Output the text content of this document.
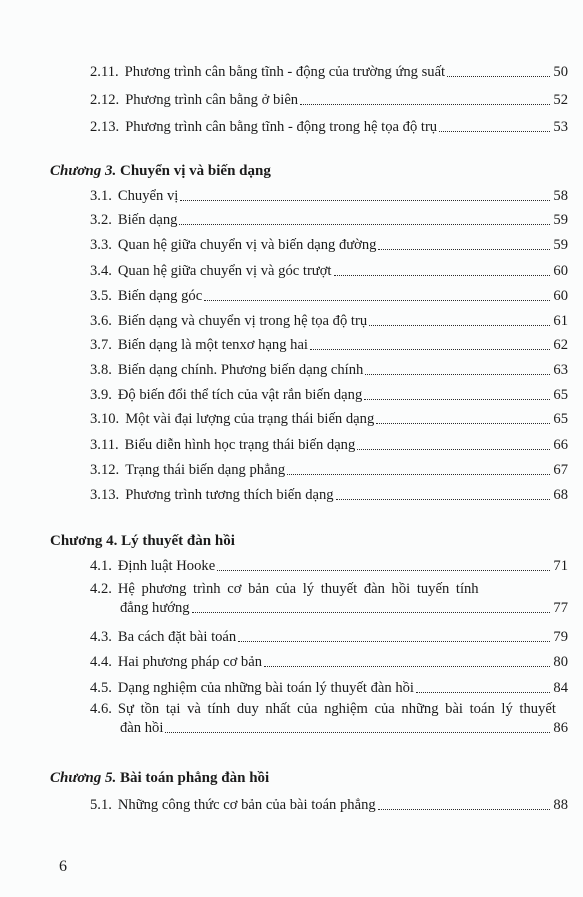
2.11. Phương trình cân bằng tĩnh - động của trường ứng suất	50
2.12. Phương trình cân bằng ở biên	52
2.13. Phương trình cân bằng tĩnh - động trong hệ tọa độ trụ	53
Chương 3. Chuyển vị và biến dạng
3.1. Chuyển vị	58
3.2. Biến dạng	59
3.3. Quan hệ giữa chuyển vị và biến dạng đường	59
3.4. Quan hệ giữa chuyển vị và góc trượt	60
3.5. Biến dạng góc	60
3.6. Biến dạng và chuyển vị trong hệ tọa độ trụ	61
3.7. Biến dạng là một tenxơ hạng hai	62
3.8. Biến dạng chính. Phương biến dạng chính	63
3.9. Độ biến đổi thể tích của vật rắn biến dạng	65
3.10. Một vài đại lượng của trạng thái biến dạng	65
3.11. Biểu diễn hình học trạng thái biến dạng	66
3.12. Trạng thái biến dạng phẳng	67
3.13. Phương trình tương thích biến dạng	68
Chương 4. Lý thuyết đàn hồi
4.1. Định luật Hooke	71
4.2. Hệ phương trình cơ bản của lý thuyết đàn hồi tuyến tính
đẳng hướng	77
4.3. Ba cách đặt bài toán	79
4.4. Hai phương pháp cơ bản	80
4.5. Dạng nghiệm của những bài toán lý thuyết đàn hồi	84
4.6. Sự tồn tại và tính duy nhất của nghiệm của những bài toán lý thuyết
đàn hồi	86
Chương 5. Bài toán phẳng đàn hồi
5.1. Những công thức cơ bản của bài toán phẳng	88
6
